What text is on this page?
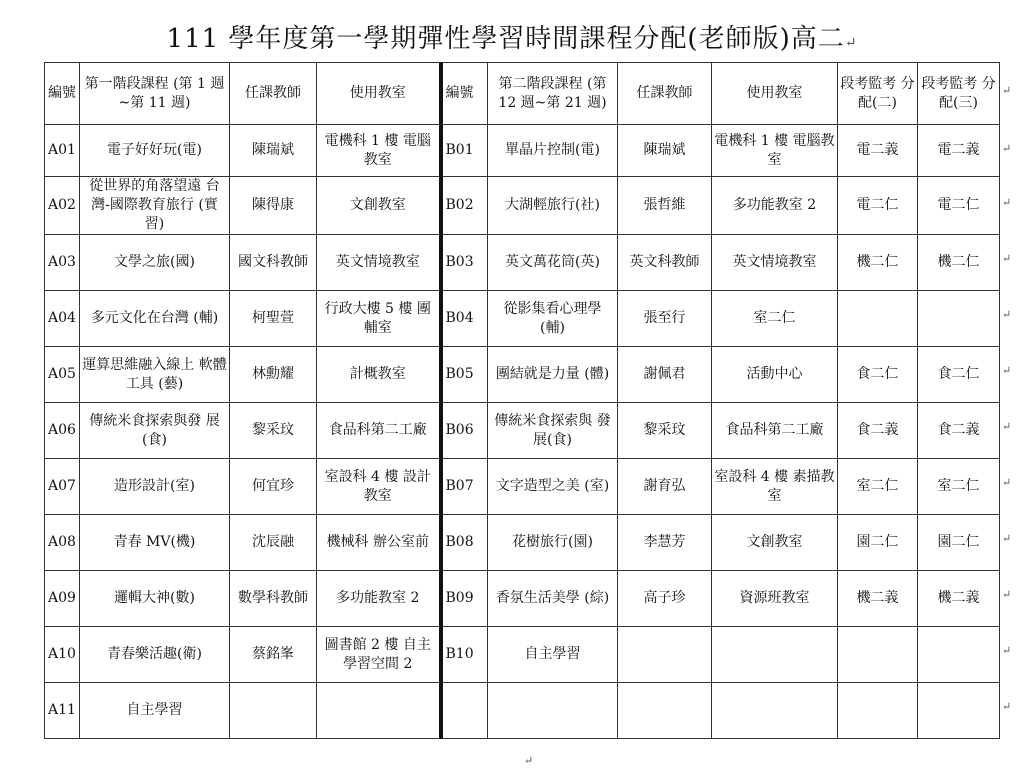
111 學年度第一學期彈性學習時間課程分配(老師版)高二↵
編號	第一階段課程 (第 1 週~第 11 週)	任課教師	使用教室	編號	第二階段課程 (第 12 週~第 21 週)	任課教師	使用教室	段考監考 分配(二)	段考監考 分配(三)
A01	電子好好玩(電)	陳瑞斌	電機科 1 樓 電腦教室	B01	單晶片控制(電)	陳瑞斌	電機科 1 樓 電腦教室	電二義	電二義
A02	從世界的角落望遠 台灣-國際教育旅行 (實習)	陳得康	文創教室	B02	大湖輕旅行(社)	張哲維	多功能教室 2	電二仁	電二仁
A03	文學之旅(國)	國文科教師	英文情境教室	B03	英文萬花筒(英)	英文科教師	英文情境教室	機二仁	機二仁
A04	多元文化在台灣 (輔)	柯聖萱	行政大樓 5 樓 團輔室	B04	從影集看心理學 (輔)	張至行	室二仁		
A05	運算思維融入線上 軟體工具 (藝)	林勳耀	計概教室	B05	團結就是力量 (體)	謝佩君	活動中心	食二仁	食二仁
A06	傳統米食探索與發 展(食)	黎采玟	食品科第二工廠	B06	傳統米食探索與 發展(食)	黎采玟	食品科第二工廠	食二義	食二義
A07	造形設計(室)	何宜珍	室設科 4 樓 設計教室	B07	文字造型之美 (室)	謝育弘	室設科 4 樓 素描教室	室二仁	室二仁
A08	青春 MV(機)	沈辰融	機械科 辦公室前	B08	花樹旅行(園)	李慧芳	文創教室	園二仁	園二仁
A09	邏輯大神(數)	數學科教師	多功能教室 2	B09	香氛生活美學 (綜)	高子珍	資源班教室	機二義	機二義
A10	青春樂活趣(衛)	蔡銘峯	圖書館 2 樓 自主學習空間 2	B10	自主學習				
A11	自主學習								
↵
↵
↵
↵
↵
↵
↵
↵
↵
↵
↵
↵
↵
